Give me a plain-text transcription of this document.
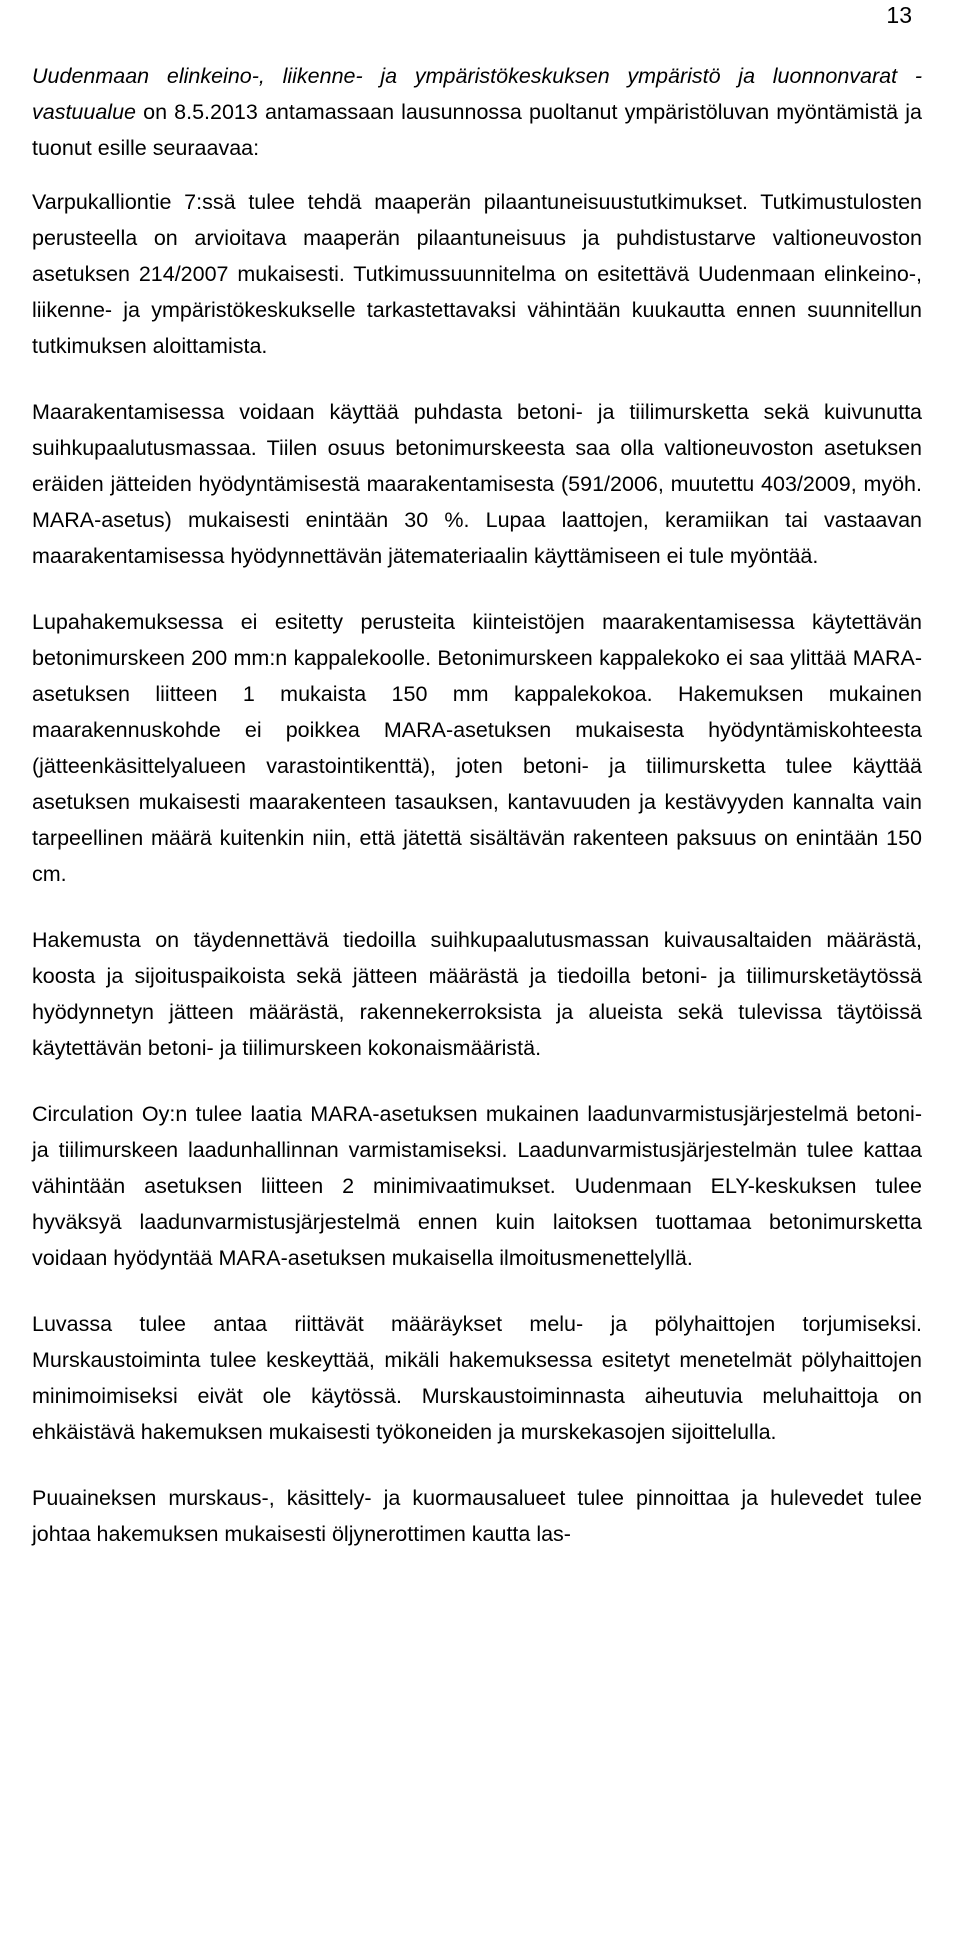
13

Uudenmaan elinkeino-, liikenne- ja ympäristökeskuksen ympäristö ja luonnonvarat -vastuualue on 8.5.2013 antamassaan lausunnossa puoltanut ympäristöluvan myöntämistä ja tuonut esille seuraavaa:

Varpukalliontie 7:ssä tulee tehdä maaperän pilaantuneisuustutkimukset. Tutkimustulosten perusteella on arvioitava maaperän pilaantuneisuus ja puhdistustarve valtioneuvoston asetuksen 214/2007 mukaisesti. Tutkimussuunnitelma on esitettävä Uudenmaan elinkeino-, liikenne- ja ympäristökeskukselle tarkastettavaksi vähintään kuukautta ennen suunnitellun tutkimuksen aloittamista.

Maarakentamisessa voidaan käyttää puhdasta betoni- ja tiilimursketta sekä kuivunutta suihkupaalutusmassaa. Tiilen osuus betonimurskeesta saa olla valtioneuvoston asetuksen eräiden jätteiden hyödyntämisestä maarakentamisesta (591/2006, muutettu 403/2009, myöh. MARA-asetus) mukaisesti enintään 30 %. Lupaa laattojen, keramiikan tai vastaavan maarakentamisessa hyödynnettävän jätemateriaalin käyttämiseen ei tule myöntää.

Lupahakemuksessa ei esitetty perusteita kiinteistöjen maarakentamisessa käytettävän betonimurskeen 200 mm:n kappalekoolle. Betonimurskeen kappalekoko ei saa ylittää MARA-asetuksen liitteen 1 mukaista 150 mm kappalekokoa. Hakemuksen mukainen maarakennuskohde ei poikkea MARA-asetuksen mukaisesta hyödyntämiskohteesta (jätteenkäsittelyalueen varastointikenttä), joten betoni- ja tiilimursketta tulee käyttää asetuksen mukaisesti maarakenteen tasauksen, kantavuuden ja kestävyyden kannalta vain tarpeellinen määrä kuitenkin niin, että jätettä sisältävän rakenteen paksuus on enintään 150 cm.

Hakemusta on täydennettävä tiedoilla suihkupaalutusmassan kuivausaltaiden määrästä, koosta ja sijoituspaikoista sekä jätteen määrästä ja tiedoilla betoni- ja tiilimursketäytössä hyödynnetyn jätteen määrästä, rakennekerroksista ja alueista sekä tulevissa täytöissä käytettävän betoni- ja tiilimurskeen kokonaismääristä.

Circulation Oy:n tulee laatia MARA-asetuksen mukainen laadunvarmistusjärjestelmä betoni- ja tiilimurskeen laadunhallinnan varmistamiseksi. Laadunvarmistusjärjestelmän tulee kattaa vähintään asetuksen liitteen 2 minimivaatimukset. Uudenmaan ELY-keskuksen tulee hyväksyä laadunvarmistusjärjestelmä ennen kuin laitoksen tuottamaa betonimursketta voidaan hyödyntää MARA-asetuksen mukaisella ilmoitusmenettelyllä.

Luvassa tulee antaa riittävät määräykset melu- ja pölyhaittojen torjumiseksi. Murskaustoiminta tulee keskeyttää, mikäli hakemuksessa esitetyt menetelmät pölyhaittojen minimoimiseksi eivät ole käytössä. Murskaustoiminnasta aiheutuvia meluhaittoja on ehkäistävä hakemuksen mukaisesti työkoneiden ja murskekasojen sijoittelulla.

Puuaineksen murskaus-, käsittely- ja kuormausalueet tulee pinnoittaa ja hulevedet tulee johtaa hakemuksen mukaisesti öljynerottimen kautta las-
